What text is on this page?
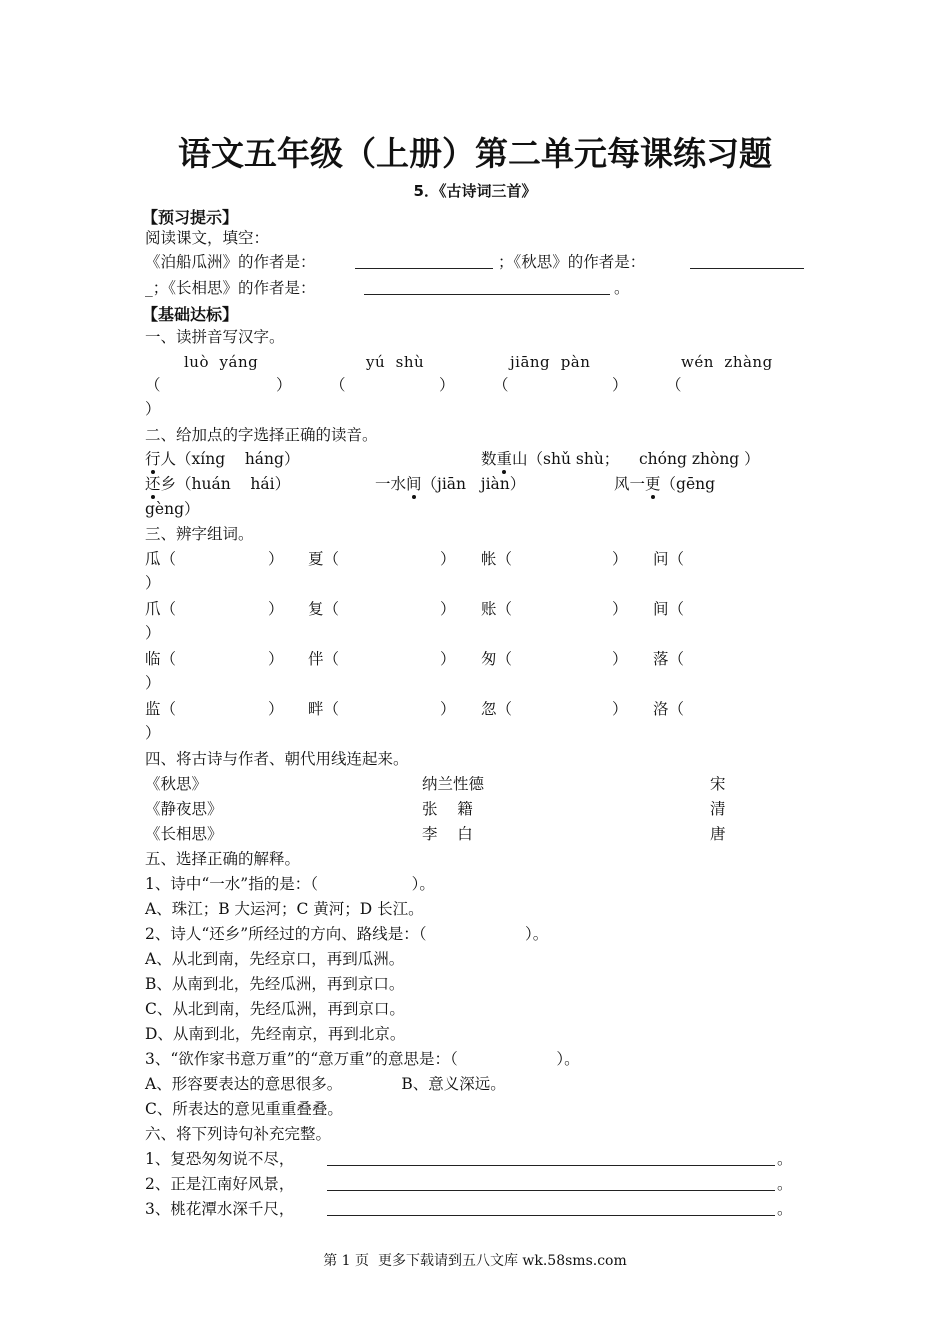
语文五年级（上册）第二单元每课练习题
5．《古诗词三首》
【预习提示】
阅读课文，填空：
《泊船瓜洲》的作者是：	；《秋思》的作者是：
_；《长相思》的作者是：	。
【基础达标】
一、读拼音写汉字。
luò  yáng	yú  shù	jiāng  pàn	wén  zhàng
（	） （	） （	） （
）
二、给加点的字选择正确的读音。
行人（xíng    háng）	数重山（shǔ shù；    chóng zhòng ）
还乡（huán    hái）	一水间（jiān   jiàn）	风一更（gēng
gèng）
三、辨字组词。
瓜（	） 夏（	） 帐（	） 问（
）
爪（	） 复（	） 账（	） 间（
）
临（	） 伴（	） 匆（	） 落（
）
监（	） 畔（	） 忽（	） 洛（
）
四、将古诗与作者、朝代用线连起来。
《秋思》	纳兰性德	宋
《静夜思》	张    籍	清
《长相思》	李    白	唐
五、选择正确的解释。
1、诗中“一水”指的是：（                   ）。
A、珠江；B 大运河；C 黄河；D 长江。
2、诗人“还乡”所经过的方向、路线是：（                    ）。
A、从北到南，先经京口，再到瓜洲。
B、从南到北，先经瓜洲，再到京口。
C、从北到南，先经瓜洲，再到京口。
D、从南到北，先经南京，再到北京。
3、“欲作家书意万重”的“意万重”的意思是：（                    ）。
A、形容要表达的意思很多。            B、意义深远。
C、所表达的意见重重叠叠。
六、将下列诗句补充完整。
1、复恐匆匆说不尽，	。
2、正是江南好风景，	。
3、桃花潭水深千尺，	。
第 1 页  更多下载请到五八文库 wk.58sms.com
